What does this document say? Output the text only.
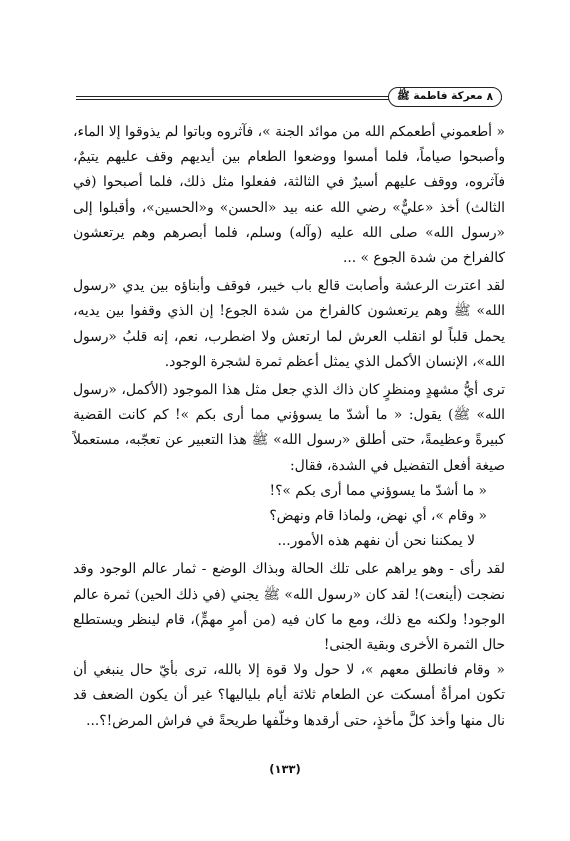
٨
معركة فاطمة ﷺ

« أطعموني أطعمكم الله من موائد الجنة »، فآثروه وباتوا لم يذوقوا إلا الماء، وأصبحوا صياماً، فلما أمسوا ووضعوا الطعام بين أيديهم وقف عليهم يتيمٌ، فآثروه، ووقف عليهم أسيرٌ في الثالثة، ففعلوا مثل ذلك، فلما أصبحوا (في الثالث) أخذ «عليٌّ» رضي الله عنه بيد «الحسن» و«الحسين»، وأقبلوا إلى «رسول الله» صلى الله عليه (وآله) وسلم، فلما أبصرهم وهم يرتعشون كالفراخ من شدة الجوع » ...

لقد اعترت الرعشة وأصابت قالع باب خيبر، فوقف وأبناؤه بين يدي «رسول الله» ﷺ وهم يرتعشون كالفراخ من شدة الجوع! إن الذي وقفوا بين يديه، يحمل قلباً لو انقلب العرش لما ارتعش ولا اضطرب، نعم، إنه قلبُ «رسول الله»، الإنسان الأكمل الذي يمثل أعظم ثمرة لشجرة الوجود.

ترى أيُّ مشهدٍ ومنظرٍ كان ذاك الذي جعل مثل هذا الموجود (الأكمل، «رسول الله» ﷺ) يقول: « ما أشدّ ما يسوؤني مما أرى بكم »! كم كانت القضية كبيرةً وعظيمةً، حتى أطلق «رسول الله» ﷺ هذا التعبير عن تعجّبه، مستعملاً صيغة أفعل التفضيل في الشدة، فقال:

« ما أشدّ ما يسوؤني مما أرى بكم »؟!

« وقام »، أي نهض، ولماذا قام ونهض؟

لا يمكننا نحن أن نفهم هذه الأمور...

لقد رأى - وهو يراهم على تلك الحالة وبذاك الوضع - ثمار عالم الوجود وقد نضجت (أينعت)! لقد كان «رسول الله» ﷺ يجني (في ذلك الحين) ثمرة عالم الوجود! ولكنه مع ذلك، ومع ما كان فيه (من أمرٍ مهمٍّ)، قام لينظر ويستطلع حال الثمرة الأخرى وبقية الجنى!

« وقام فانطلق معهم »، لا حول ولا قوة إلا بالله، ترى بأيّ حال ينبغي أن تكون امرأةٌ أمسكت عن الطعام ثلاثة أيام بلياليها؟ غير أن يكون الضعف قد نال منها وأخذ كلَّ مأخذٍ، حتى أرقدها وخلّفها طريحةً في فراش المرض!؟...

(١٣٣)
